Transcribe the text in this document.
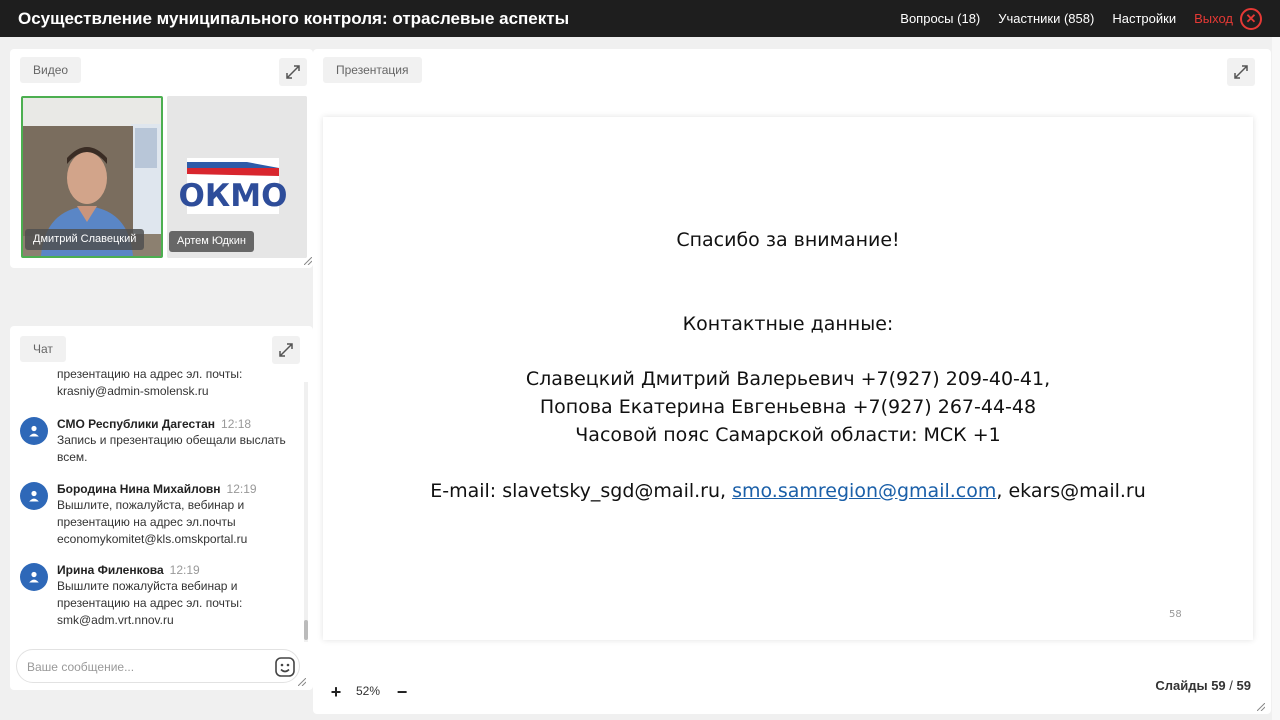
Осуществление муниципального контроля: отраслевые аспекты	Вопросы (18) Участники (858) Настройки Выход ✕
Видео
Дмитрий Славецкий
ОКМО
Артем Юдкин
Чат
презентацию на адрес эл. почты: krasniy@admin-smolensk.ru
СМО Республики Дагестан 12:18
Запись и презентацию обещали выслать всем.
Бородина Нина Михайловн 12:19
Вышлите, пожалуйста, вебинар и презентацию на адрес эл.почты economykomitet@kls.omskportal.ru
Ирина Филенкова 12:19
Вышлите пожалуйста вебинар и презентацию на адрес эл. почты: smk@adm.vrt.nnov.ru
Ваше сообщение...
Презентация
Спасибо за внимание!
Контактные данные:
Славецкий Дмитрий Валерьевич +7(927) 209-40-41,
Попова Екатерина Евгеньевна +7(927) 267-44-48
Часовой пояс Самарской области: МСК +1
E-mail: slavetsky_sgd@mail.ru, smo.samregion@gmail.com, ekars@mail.ru
58
+	52% −	Слайды 59 / 59
